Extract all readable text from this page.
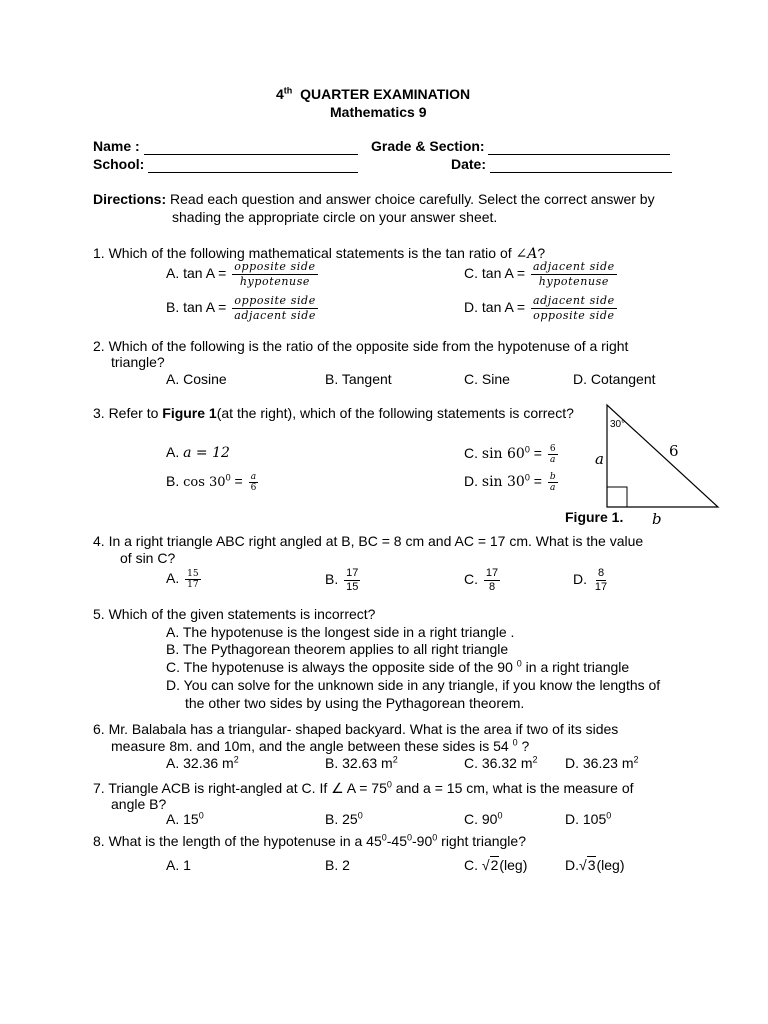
4th QUARTER EXAMINATION
Mathematics 9
Name :	Grade & Section:
School:	Date:
Directions: Read each question and answer choice carefully. Select the correct answer by
shading the appropriate circle on your answer sheet.
1. Which of the following mathematical statements is the tan ratio of ∠A?
A. $\tan A = \frac{\text{opposite side}}{\text{hypotenuse}}$	C. $\tan A = \frac{\text{adjacent side}}{\text{hypotenuse}}$
B. $\tan A = \frac{\text{opposite side}}{\text{adjacent side}}$	D. $\tan A = \frac{\text{adjacent side}}{\text{opposite side}}$
2. Which of the following is the ratio of the opposite side from the hypotenuse of a right
triangle?
A. Cosine	B. Tangent	C. Sine	D. Cotangent
3. Refer to Figure 1(at the right), which of the following statements is correct?
A. a = 12	C. $\sin 60^0 = \frac{6}{a}$
B. $\cos 30^0 = \frac{a}{6}$	D. $\sin 30^0 = \frac{b}{a}$
30°
a	6
Figure 1. b
4. In a right triangle ABC right angled at B, BC = 8 cm and AC = 17 cm. What is the value
of sin C?
A. $\frac{15}{17}$	B. $\frac{17}{15}$	C. $\frac{17}{8}$	D. $\frac{8}{17}$
5. Which of the given statements is incorrect?
A. The hypotenuse is the longest side in a right triangle .
B. The Pythagorean theorem applies to all right triangle
C. The hypotenuse is always the opposite side of the 90 $^0$ in a right triangle
D. You can solve for the unknown side in any triangle, if you know the lengths of
the other two sides by using the Pythagorean theorem.
6. Mr. Balabala has a triangular- shaped backyard. What is the area if two of its sides
measure 8m. and 10m, and the angle between these sides is 54 $^0$ ?
A. 32.36 $m^2$	B. 32.63 $m^2$	C. 36.32 $m^2$ D. 36.23 $m^2$
7. Triangle ACB is right-angled at C. If ∠ $A = 75^0$ and a = 15 cm, what is the measure of
angle B?
A. $15^0$	B. $25^0$	C. $90^0$	D. $105^0$
8. What is the length of the hypotenuse in a $45^0-45^0-90^0$ right triangle?
A. 1	B. 2	C. √2(leg)	D.√3(leg)
